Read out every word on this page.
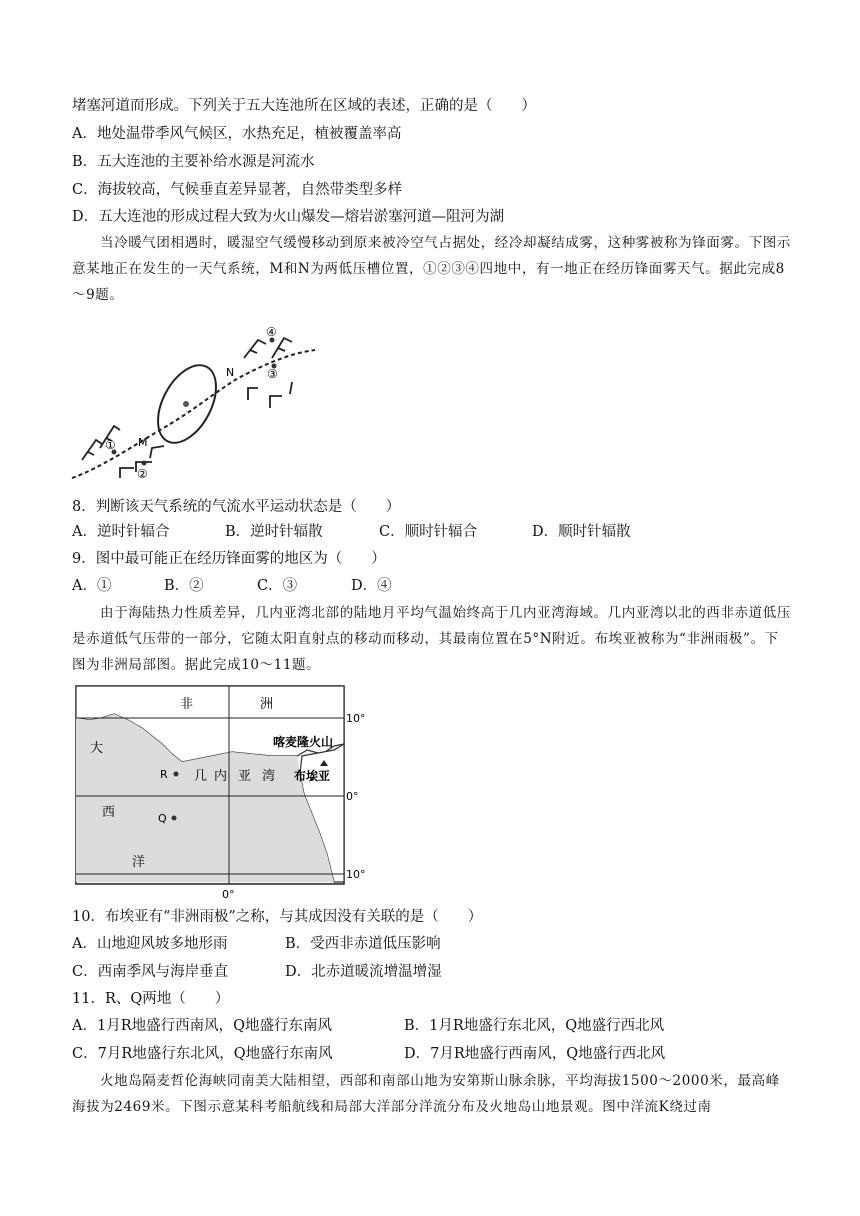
堵塞河道而形成。下列关于五大连池所在区域的表述，正确的是（　　）
A．地处温带季风气候区，水热充足，植被覆盖率高
B．五大连池的主要补给水源是河流水
C．海拔较高，气候垂直差异显著，自然带类型多样
D．五大连池的形成过程大致为火山爆发—熔岩淤塞河道—阻河为湖
当冷暖气团相遇时，暖湿空气缓慢移动到原来被冷空气占据处，经冷却凝结成雾，这种雾被称为锋面雾。下图示意某地正在发生的一天气系统，M和N为两低压槽位置，①②③④四地中，有一地正在经历锋面雾天气。据此完成8～9题。
①
②
③
④
M
N
8．判断该天气系统的气流水平运动状态是（　　）
A．逆时针辐合	B．逆时针辐散	C．顺时针辐合	D．顺时针辐散
9．图中最可能正在经历锋面雾的地区为（　　）
A．①	B．②	C．③	D．④
由于海陆热力性质差异，几内亚湾北部的陆地月平均气温始终高于几内亚湾海域。几内亚湾以北的西非赤道低压是赤道低气压带的一部分，它随太阳直射点的移动而移动，其最南位置在5°N附近。布埃亚被称为“非洲雨极”。下图为非洲局部图。据此完成10～11题。
非	洲
大
西
洋
几 内 亚 湾
喀麦隆火山
布埃亚
R
Q
10°
0°
10°
0°
10．布埃亚有“非洲雨极”之称，与其成因没有关联的是（　　）
A．山地迎风坡多地形雨	B．受西非赤道低压影响
C．西南季风与海岸垂直	D．北赤道暖流增温增湿
11．R、Q两地（　　）
A．1月R地盛行西南风，Q地盛行东南风	B．1月R地盛行东北风，Q地盛行西北风
C．7月R地盛行东北风，Q地盛行东南风	D．7月R地盛行西南风，Q地盛行西北风
火地岛隔麦哲伦海峡同南美大陆相望，西部和南部山地为安第斯山脉余脉，平均海拔1500～2000米，最高峰海拔为2469米。下图示意某科考船航线和局部大洋部分洋流分布及火地岛山地景观。图中洋流K绕过南
